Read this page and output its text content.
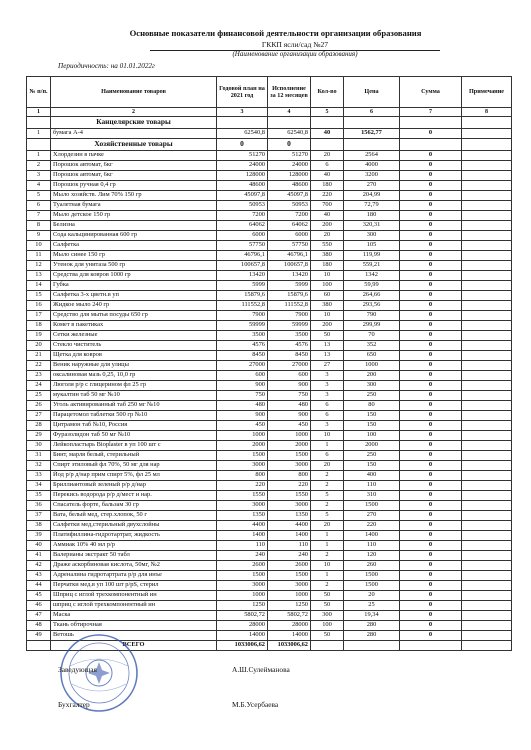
Основные показатели финансовой деятельности организации образования
ГККП ясли/сад №27
(Наименование организации образования)
Периодичность: на 01.01.2022г
№ п/п.	Наименование товаров	Годовой план на 2021 год	Исполнение за 12 месяцев	Кол-во	Цена	Сумма	Примечание
1	2	3	4	5	6	7	8
	Канцелярские товары						
1	бумага А-4	62540,8	62540,8	40	1562,77	0	
	Хозяйственные товары	0	0				
1	Хлордезин в пачке	51270	51270	20	2564	0	
2	Порошок автомат, 6кг	24000	24000	6	4000	0	
3	Порошок автомат, 6кг	128000	128000	40	3200	0	
4	Порошок ручная 0,4 гр	48600	48600	180	270	0	
5	Мыло хозяйств. Лим 70% 150 гр	45097,8	45097,8	220	204,99	0	
6	Туалетная бумага	50953	50953	700	72,79	0	
7	Мыло детское 150 гр	7200	7200	40	180	0	
8	Белизна	64062	64062	200	320,31	0	
9	Сода кальцинированная 600 гр	6000	6000	20	300	0	
10	Салфетка	57750	57750	550	105	0	
11	Мыло синее 150 гр	46796,1	46796,1	380	119,99	0	
12	Утенок для унитаза 500 гр	100657,8	100657,8	180	559,21	0	
13	Средства для ковров 1000 гр	13420	13420	10	1342	0	
14	Губка	5999	5999	100	59,99	0	
15	Салфетка 3-х цветн.в уп	15879,6	15879,6	60	264,66	0	
16	Жидкое мыло 240 гр	111552,8	111552,8	380	293,56	0	
17	Средство для мытья посуды 650 гр	7900	7900	10	790	0	
18	Комет в пакетиках	59999	59999	200	299,99	0	
19	Сетки железные	3500	3500	50	70	0	
20	Стекло чиститель	4576	4576	13	352	0	
21	Щетка для ковров	8450	8450	13	650	0	
22	Веник наружные для улицы	27000	27000	27	1000	0	
23	оксалиновая мазь 0,25, 10,0 гр	600	600	3	200	0	
24	Люголя р/р с глицерином фл 25 гр	900	900	3	300	0	
25	мукалтин таб 50 мг №10	750	750	3	250	0	
26	Уголь активированный таб 250 мг №10	480	480	6	80	0	
27	Парацетомол таблетки 500 гр №10	900	900	6	150	0	
28	Цитрамон таб №10, Россия	450	450	3	150	0	
29	Фуразолидон таб 50 мг №10	1000	1000	10	100	0	
30	Лейкопластырь Bioplaster в уп 100 шт с	2000	2000	1	2000	0	
31	Бинт, марля белый, стерильный	1500	1500	6	250	0	
32	Спирт этиловый фл 70%, 50 мг для нар	3000	3000	20	150	0	
33	Йод р/р д/нар прим спирт 5%, фл 25 мл	800	800	2	400	0	
34	Бриллиантовый зеленый р/р д/нар	220	220	2	110	0	
35	Перекись водорода р/р д/мест и нар.	1550	1550	5	310	0	
36	Спасатель форте, бальзам 30 гр	3000	3000	2	1500	0	
37	Вата, белый мед, стер.хлопок, 50 г	1350	1350	5	270	0	
38	Салфетки мед,стерильный двухслойны	4400	4400	20	220	0	
39	Платифиллина-гидротартрат, жидкость	1400	1400	1	1400	0	
40	Аммиак 10% 40 мл р/р	110	110	1	110	0	
41	Валерианы экстракт 50 табл	240	240	2	120	0	
42	Драже аскорбиновая кислота, 50мг, №2	2600	2600	10	260	0	
43	Адреналина гидротартрата р/р для инъе	1500	1500	1	1500	0	
44	Перчатки мед.в уп 100 шт р/pS, стерил	3000	3000	2	1500	0	
45	Шприц с иглой трехкомпонентный ин	1000	1000	50	20	0	
46	шприц с иглой трехкомпонентный ин	1250	1250	50	25	0	
47	Маска	5802,72	5802,72	300	19,34	0	
48	Ткань обтирочная	28000	28000	100	280	0	
49	Ветошь	14000	14000	50	280	0	
	ВСЕГО	1033006,62	1033006,62				
Заведующая	А.Ш.Сулейманова
Бухгалтер	М.Б.Усербаева
